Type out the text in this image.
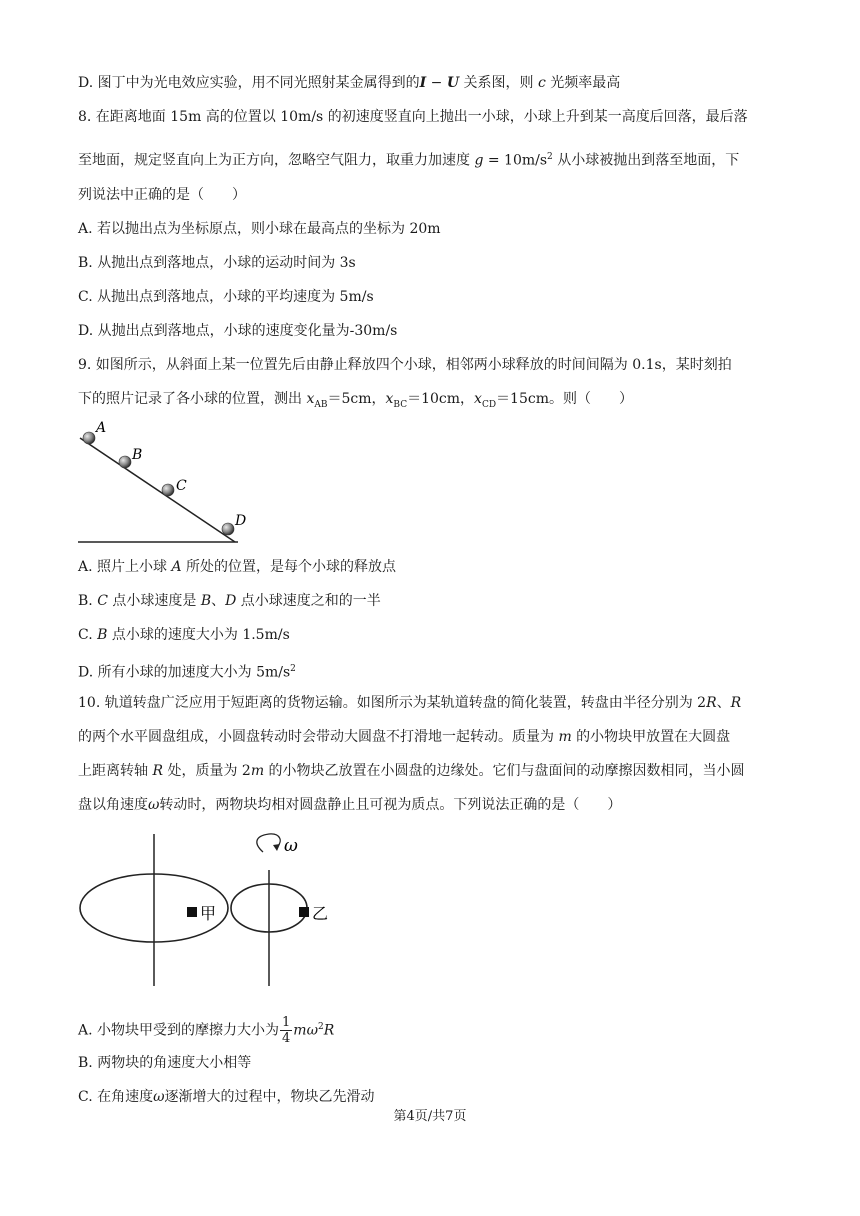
D. 图丁中为光电效应实验，用不同光照射某金属得到的I − U 关系图，则 c 光频率最高
8. 在距离地面 15m 高的位置以 10m/s 的初速度竖直向上抛出一小球，小球上升到某一高度后回落，最后落
至地面，规定竖直向上为正方向，忽略空气阻力，取重力加速度 $g = 10m/s^2$ 从小球被抛出到落至地面，下
列说法中正确的是（　　）
A. 若以抛出点为坐标原点，则小球在最高点的坐标为 20m
B. 从抛出点到落地点，小球的运动时间为 3s
C. 从抛出点到落地点，小球的平均速度为 5m/s
D. 从抛出点到落地点，小球的速度变化量为-30m/s
9. 如图所示，从斜面上某一位置先后由静止释放四个小球，相邻两小球释放的时间间隔为 0.1s，某时刻拍
下的照片记录了各小球的位置，测出 $x_{AB}=5cm$，$x_{BC}=10cm$，$x_{CD}=15cm$。则（　　）
A
B
C
D
A. 照片上小球 A 所处的位置，是每个小球的释放点
B. C 点小球速度是 B、D 点小球速度之和的一半
C. B 点小球的速度大小为 1.5m/s
D. 所有小球的加速度大小为 $5m/s^2$
10. 轨道转盘广泛应用于短距离的货物运输。如图所示为某轨道转盘的简化装置，转盘由半径分别为 2R、R
的两个水平圆盘组成，小圆盘转动时会带动大圆盘不打滑地一起转动。质量为 m 的小物块甲放置在大圆盘
上距离转轴 R 处，质量为 2m 的小物块乙放置在小圆盘的边缘处。它们与盘面间的动摩擦因数相同，当小圆
盘以角速度ω转动时，两物块均相对圆盘静止且可视为质点。下列说法正确的是（　　）
ω
甲	乙
A. 小物块甲受到的摩擦力大小为 $\frac{1}{4} m\omega^2R$
B. 两物块的角速度大小相等
C. 在角速度ω逐渐增大的过程中，物块乙先滑动
第4页/共7页
